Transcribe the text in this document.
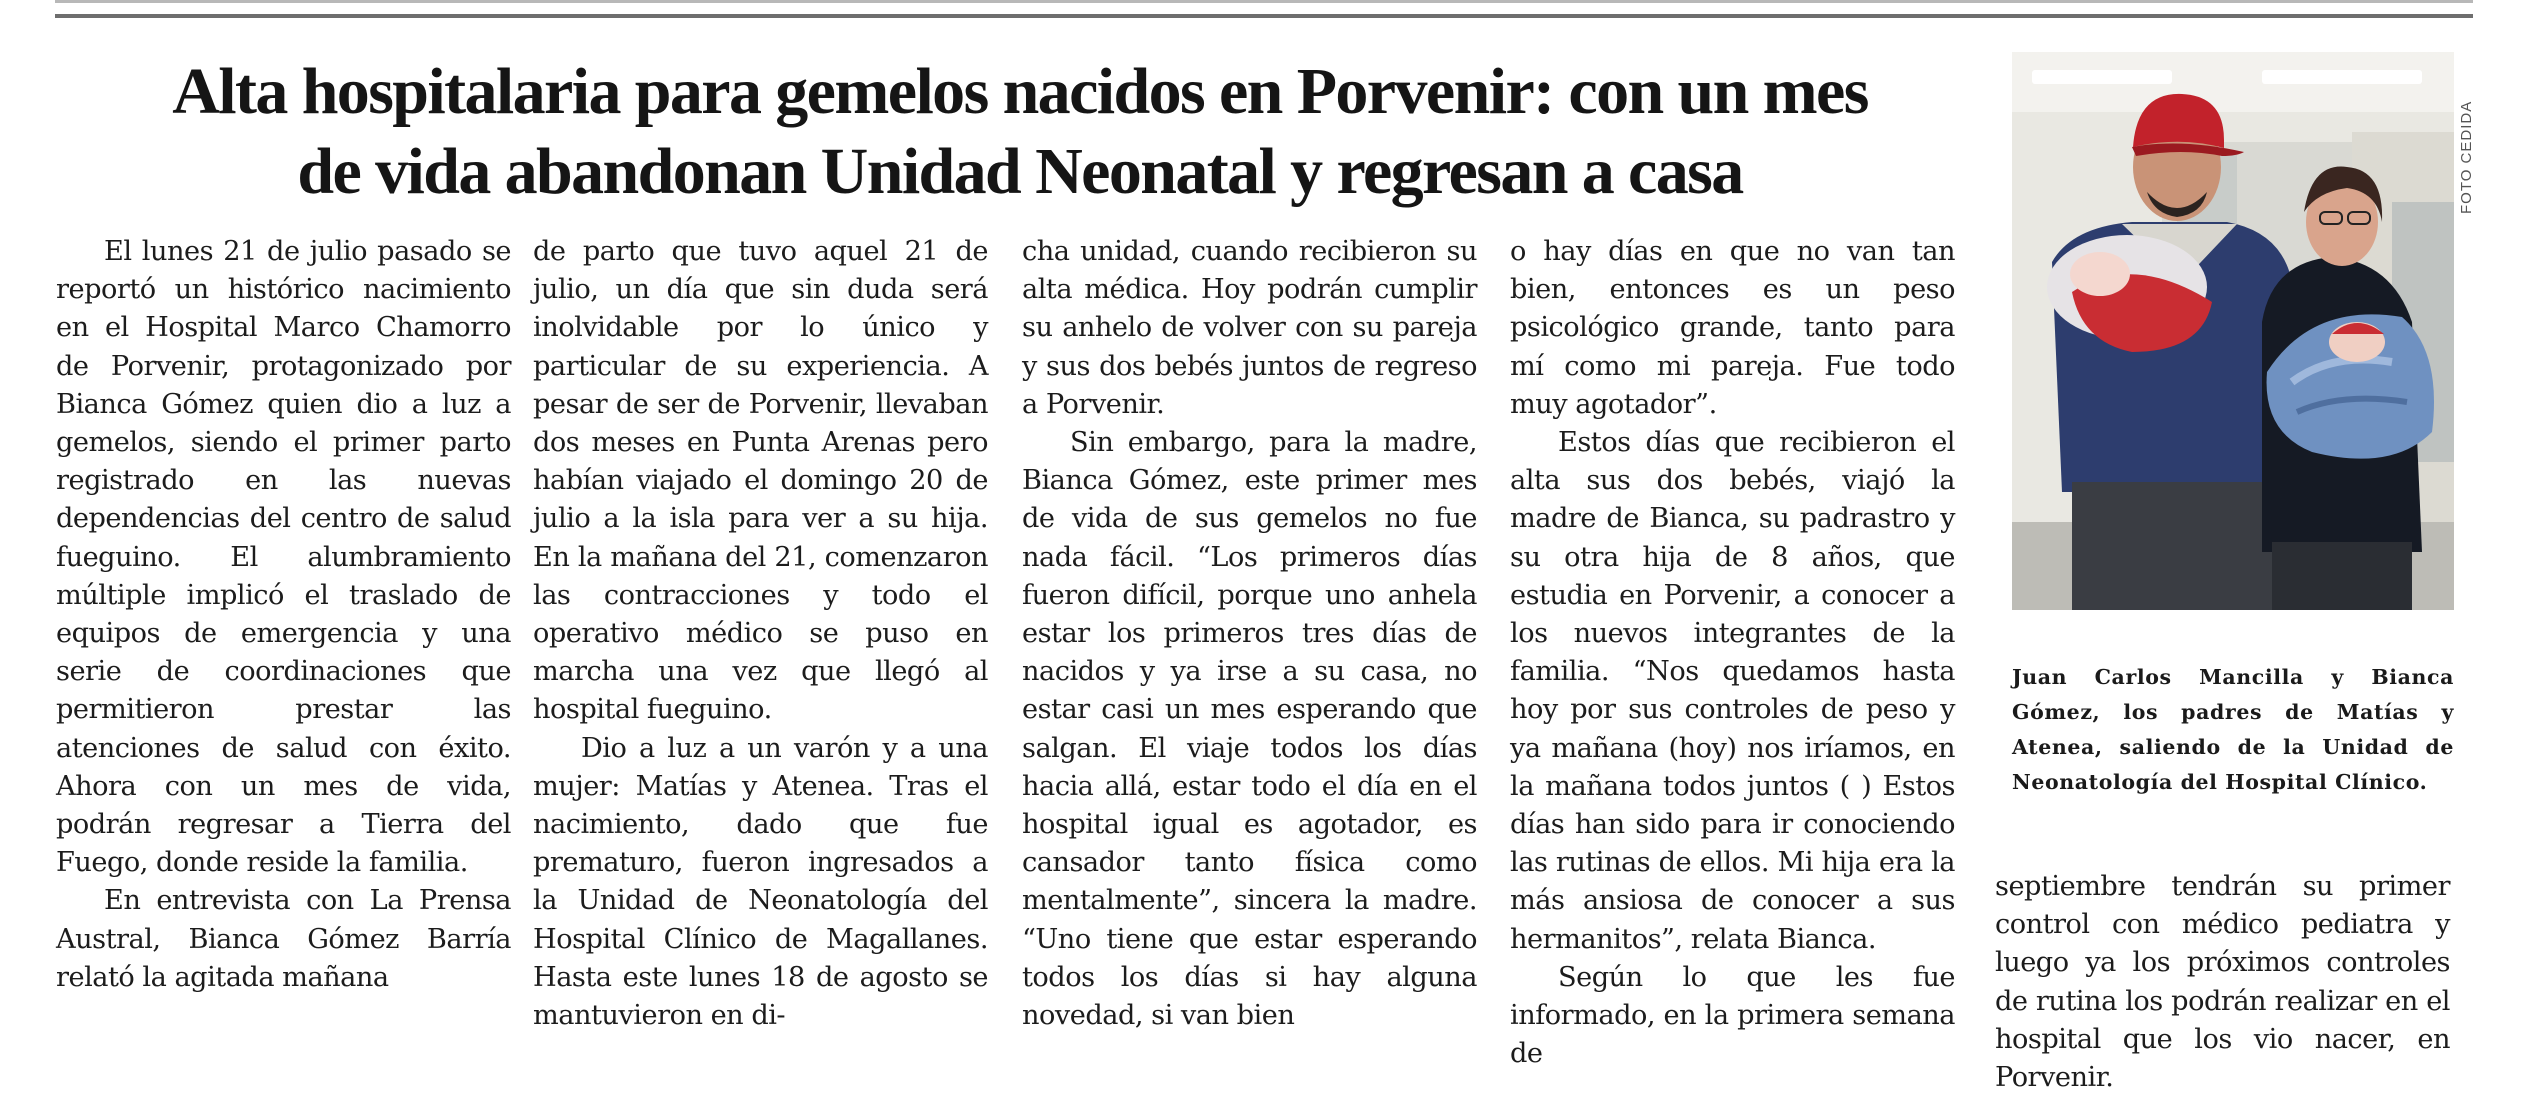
Alta hospitalaria para gemelos nacidos en Porvenir: con un mes de vida abandonan Unidad Neonatal y regresan a casa

El lunes 21 de julio pasado se reportó un histórico nacimiento en el Hospital Marco Chamorro de Porvenir, protagonizado por Bianca Gómez quien dio a luz a gemelos, siendo el primer parto registrado en las nuevas dependencias del centro de salud fueguino. El alumbramiento múltiple implicó el traslado de equipos de emergencia y una serie de coordinaciones que permitieron prestar las atenciones de salud con éxito. Ahora con un mes de vida, podrán regresar a Tierra del Fuego, donde reside la familia.

En entrevista con La Prensa Austral, Bianca Gómez Barría relató la agitada mañana

de parto que tuvo aquel 21 de julio, un día que sin duda será inolvidable por lo único y particular de su experiencia. A pesar de ser de Porvenir, llevaban dos meses en Punta Arenas pero habían viajado el domingo 20 de julio a la isla para ver a su hija. En la mañana del 21, comenzaron las contracciones y todo el operativo médico se puso en marcha una vez que llegó al hospital fueguino.

Dio a luz a un varón y a una mujer: Matías y Atenea. Tras el nacimiento, dado que fue prematuro, fueron ingresados a la Unidad de Neonatología del Hospital Clínico de Magallanes. Hasta este lunes 18 de agosto se mantuvieron en di-

cha unidad, cuando recibieron su alta médica. Hoy podrán cumplir su anhelo de volver con su pareja y sus dos bebés juntos de regreso a Porvenir.

Sin embargo, para la madre, Bianca Gómez, este primer mes de vida de sus gemelos no fue nada fácil. “Los primeros días fueron difícil, porque uno anhela estar los primeros tres días de nacidos y ya irse a su casa, no estar casi un mes esperando que salgan. El viaje todos los días hacia allá, estar todo el día en el hospital igual es agotador, es cansador tanto física como mentalmente”, sincera la madre. “Uno tiene que estar esperando todos los días si hay alguna novedad, si van bien

o hay días en que no van tan bien, entonces es un peso psicológico grande, tanto para mí como mi pareja. Fue todo muy agotador”.

Estos días que recibieron el alta sus dos bebés, viajó la madre de Bianca, su padrastro y su otra hija de 8 años, que estudia en Porvenir, a conocer a los nuevos integrantes de la familia. “Nos quedamos hasta hoy por sus controles de peso y ya mañana (hoy) nos iríamos, en la mañana todos juntos ( ) Estos días han sido para ir conociendo las rutinas de ellos. Mi hija era la más ansiosa de conocer a sus hermanitos”, relata Bianca.

Según lo que les fue informado, en la primera semana de

septiembre tendrán su primer control con médico pediatra y luego ya los próximos controles de rutina los podrán realizar en el hospital que los vio nacer, en Porvenir.

FOTO CEDIDA

Juan Carlos Mancilla y Bianca Gómez, los padres de Matías y Atenea, saliendo de la Unidad de Neonatología del Hospital Clínico.
